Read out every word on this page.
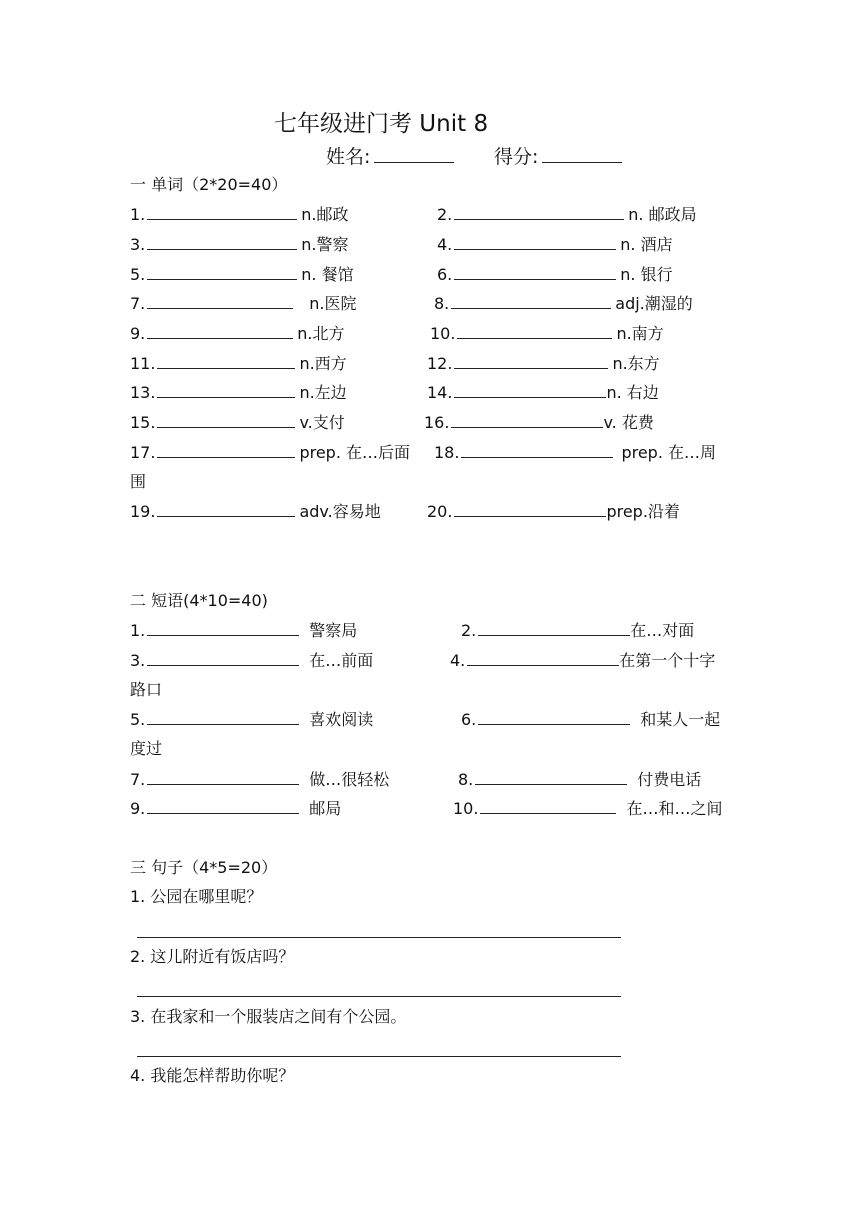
七年级进门考 Unit 8
姓名:	得分:
一 单词（2*20=40）
1.	n.邮政	2.	n. 邮政局
3.	n.警察	4.	n. 酒店
5.	n. 餐馆	6.	n. 银行
7.	n.医院	8.	adj.潮湿的
9.	n.北方	10.	n.南方
11.	n.西方	12.	n.东方
13.	n.左边	14.	n. 右边
15.	v.支付	16.	v. 花费
17.	prep. 在…后面 18.	prep. 在…周
围
19.	adv.容易地	20.	prep.沿着
二 短语(4*10=40)
1.	警察局	2.	在…对面
3.	在…前面	4.	在第一个十字
路口
5.	喜欢阅读	6.	和某人一起
度过
7.	做…很轻松	8.	付费电话
9.	邮局	10.	在…和…之间
三 句子（4*5=20）
1. 公园在哪里呢？
2. 这儿附近有饭店吗？
3. 在我家和一个服装店之间有个公园。
4. 我能怎样帮助你呢？
